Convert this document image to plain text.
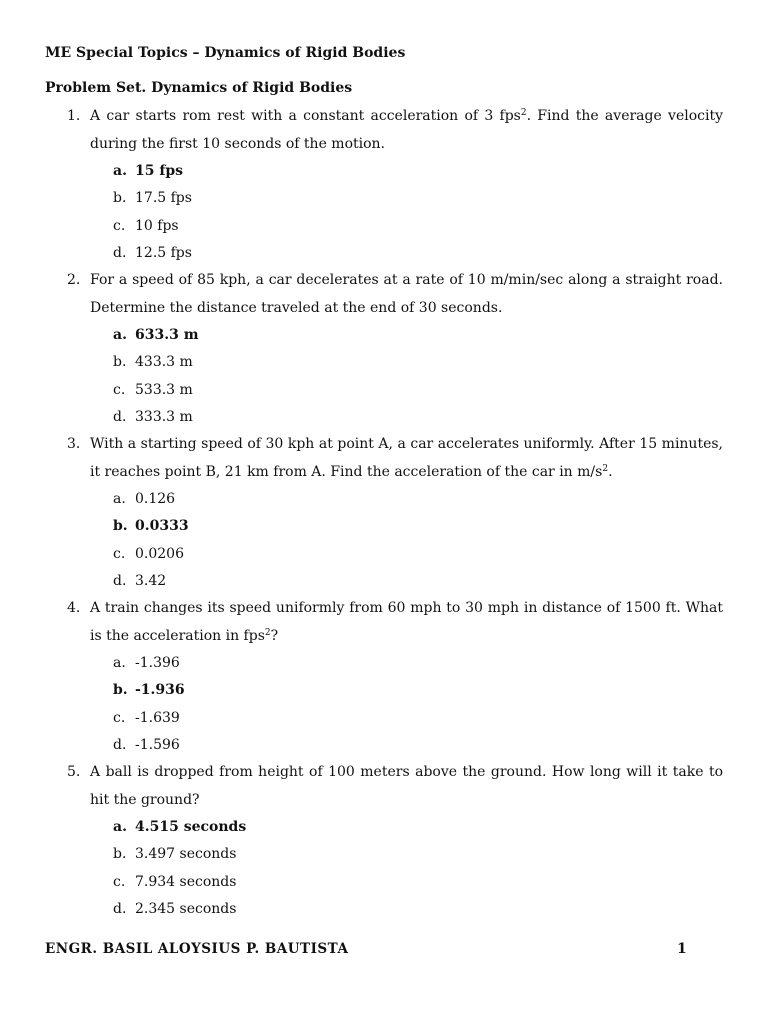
ME Special Topics – Dynamics of Rigid Bodies
Problem Set. Dynamics of Rigid Bodies
1. A car starts rom rest with a constant acceleration of 3 fps$^2$. Find the average velocity during the first 10 seconds of the motion.
a. 15 fps
b. 17.5 fps
c. 10 fps
d. 12.5 fps
2. For a speed of 85 kph, a car decelerates at a rate of 10 m/min/sec along a straight road. Determine the distance traveled at the end of 30 seconds.
a. 633.3 m
b. 433.3 m
c. 533.3 m
d. 333.3 m
3. With a starting speed of 30 kph at point A, a car accelerates uniformly. After 15 minutes, it reaches point B, 21 km from A. Find the acceleration of the car in $m/s^2$.
a. 0.126
b. 0.0333
c. 0.0206
d. 3.42
4. A train changes its speed uniformly from 60 mph to 30 mph in distance of 1500 ft. What is the acceleration in fps$^2$?
a. -1.396
b. -1.936
c. -1.639
d. -1.596
5. A ball is dropped from height of 100 meters above the ground. How long will it take to hit the ground?
a. 4.515 seconds
b. 3.497 seconds
c. 7.934 seconds
d. 2.345 seconds
ENGR. BASIL ALOYSIUS P. BAUTISTA	1
